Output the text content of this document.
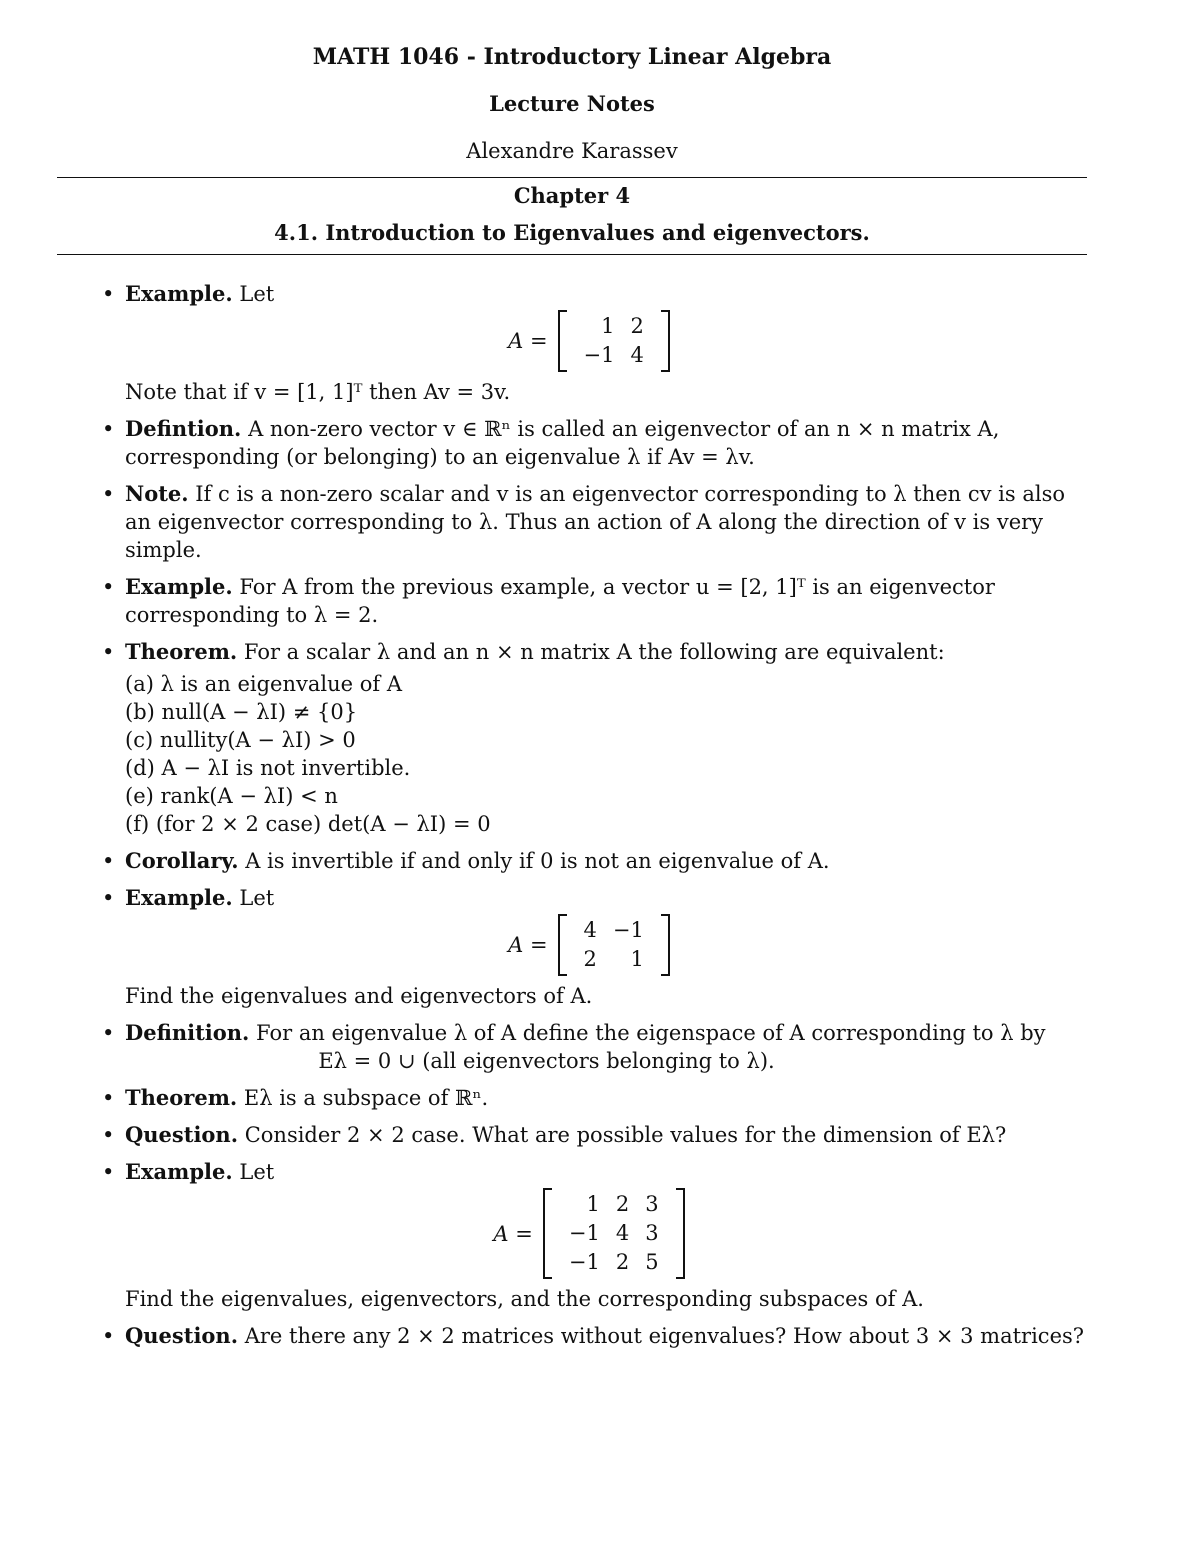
MATH 1046 - Introductory Linear Algebra
Lecture Notes
Alexandre Karassev
Chapter 4
4.1. Introduction to Eigenvalues and eigenvectors.
• Example. Let

A =
1 2
−1 4

Note that if v = [1, 1]ᵀ then Av = 3v.

• Defintion. A non-zero vector v ∈ ℝⁿ is called an eigenvector of an n × n matrix A, corresponding (or belonging) to an eigenvalue λ if Av = λv.

• Note. If c is a non-zero scalar and v is an eigenvector corresponding to λ then cv is also an eigenvector corresponding to λ. Thus an action of A along the direction of v is very simple.

• Example. For A from the previous example, a vector u = [2, 1]ᵀ is an eigenvector corresponding to λ = 2.

• Theorem. For a scalar λ and an n × n matrix A the following are equivalent:

(a) λ is an eigenvalue of A

(b) null(A − λI) ≠ {0}

(c) nullity(A − λI) > 0

(d) A − λI is not invertible.

(e) rank(A − λI) < n

(f) (for 2 × 2 case) det(A − λI) = 0

• Corollary. A is invertible if and only if 0 is not an eigenvalue of A.

• Example. Let

A =
4 −1
2	1

Find the eigenvalues and eigenvectors of A.

• Definition. For an eigenvalue λ of A define the eigenspace of A corresponding to λ by

Eλ = 0 ∪ (all eigenvectors belonging to λ).

• Theorem. Eλ is a subspace of ℝⁿ.

• Question. Consider 2 × 2 case. What are possible values for the dimension of Eλ?

• Example. Let

A =
1 2 3
−1 4 3
−1 2 5

Find the eigenvalues, eigenvectors, and the corresponding subspaces of A.

• Question. Are there any 2 × 2 matrices without eigenvalues? How about 3 × 3 matrices?
